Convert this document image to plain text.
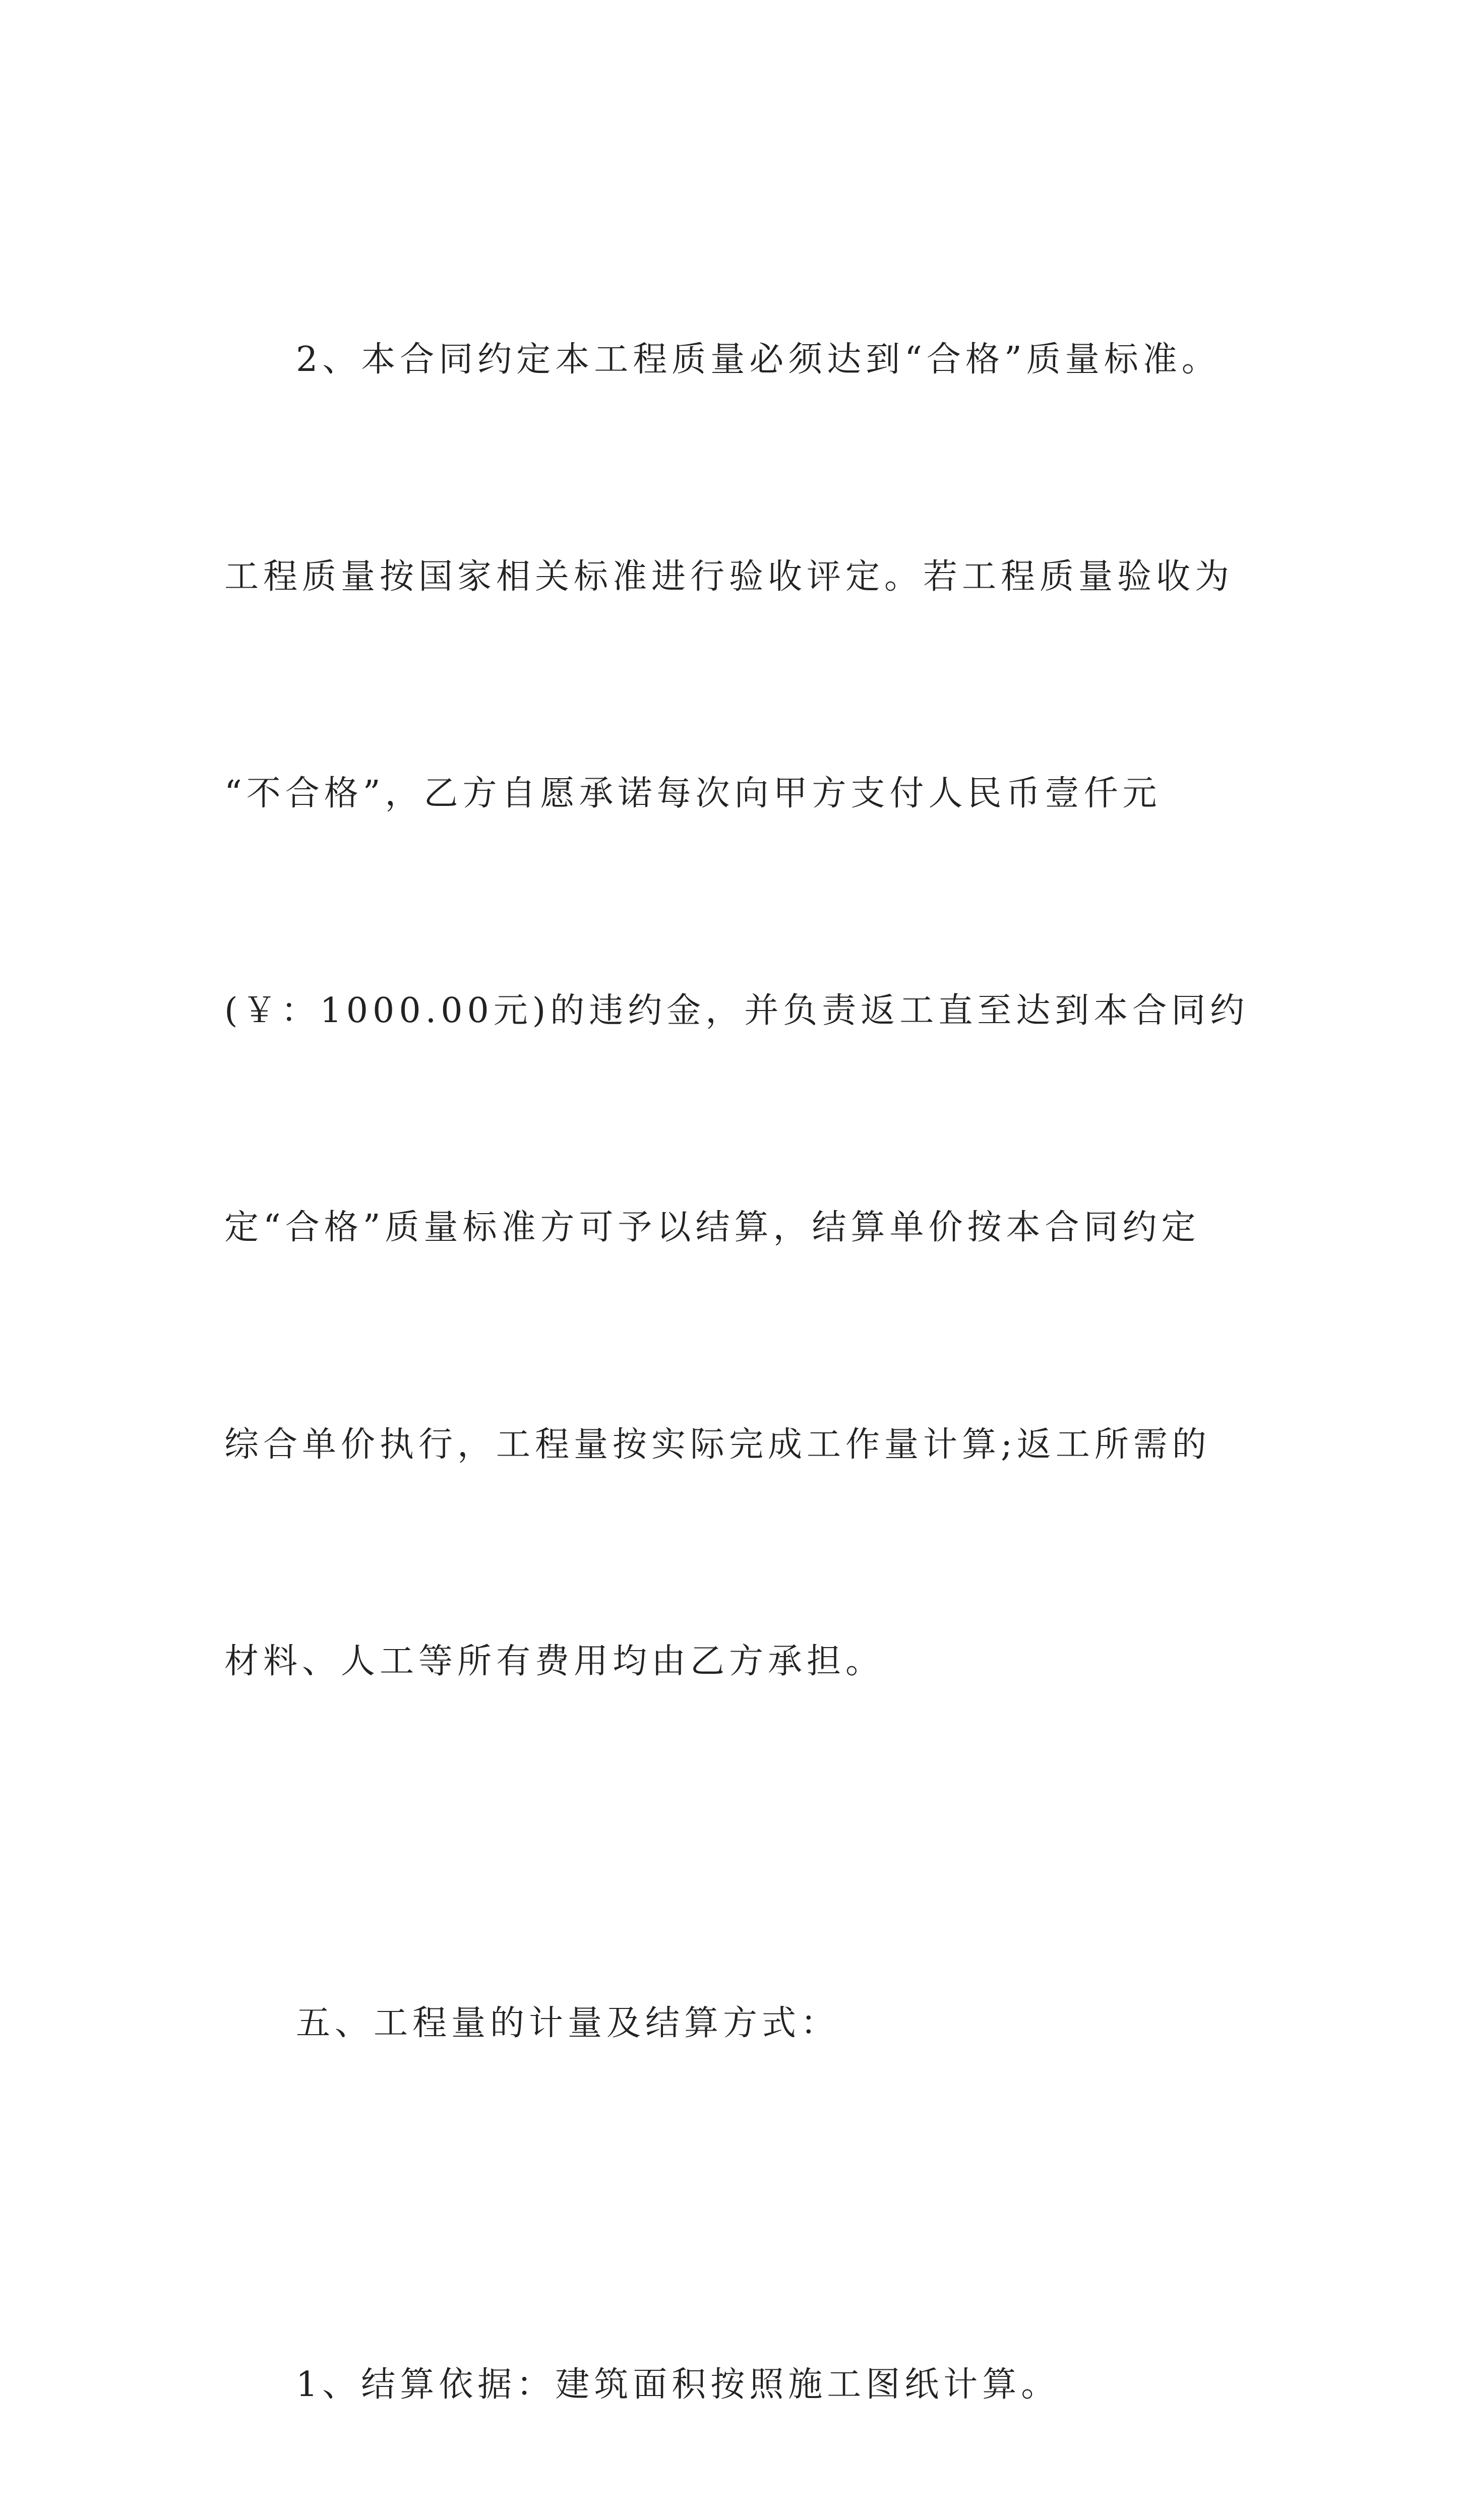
2、本合同约定本工程质量必须达到“合格”质量标准。

工程质量按国家相关标准进行验收评定。若工程质量验收为

“不合格”，乙方自愿承诺每次向甲方支付人民币壹仟元

(￥：1000.00元)的违约金，并负责返工直至达到本合同约

定“合格”质量标准方可予以结算，结算单价按本合同约定

综合单价执行，工程量按实际完成工作量计算;返工所需的

材料、人工等所有费用均由乙方承担。

五、工程量的计量及结算方式：

1、结算依据：建筑面积按照施工图纸计算。
